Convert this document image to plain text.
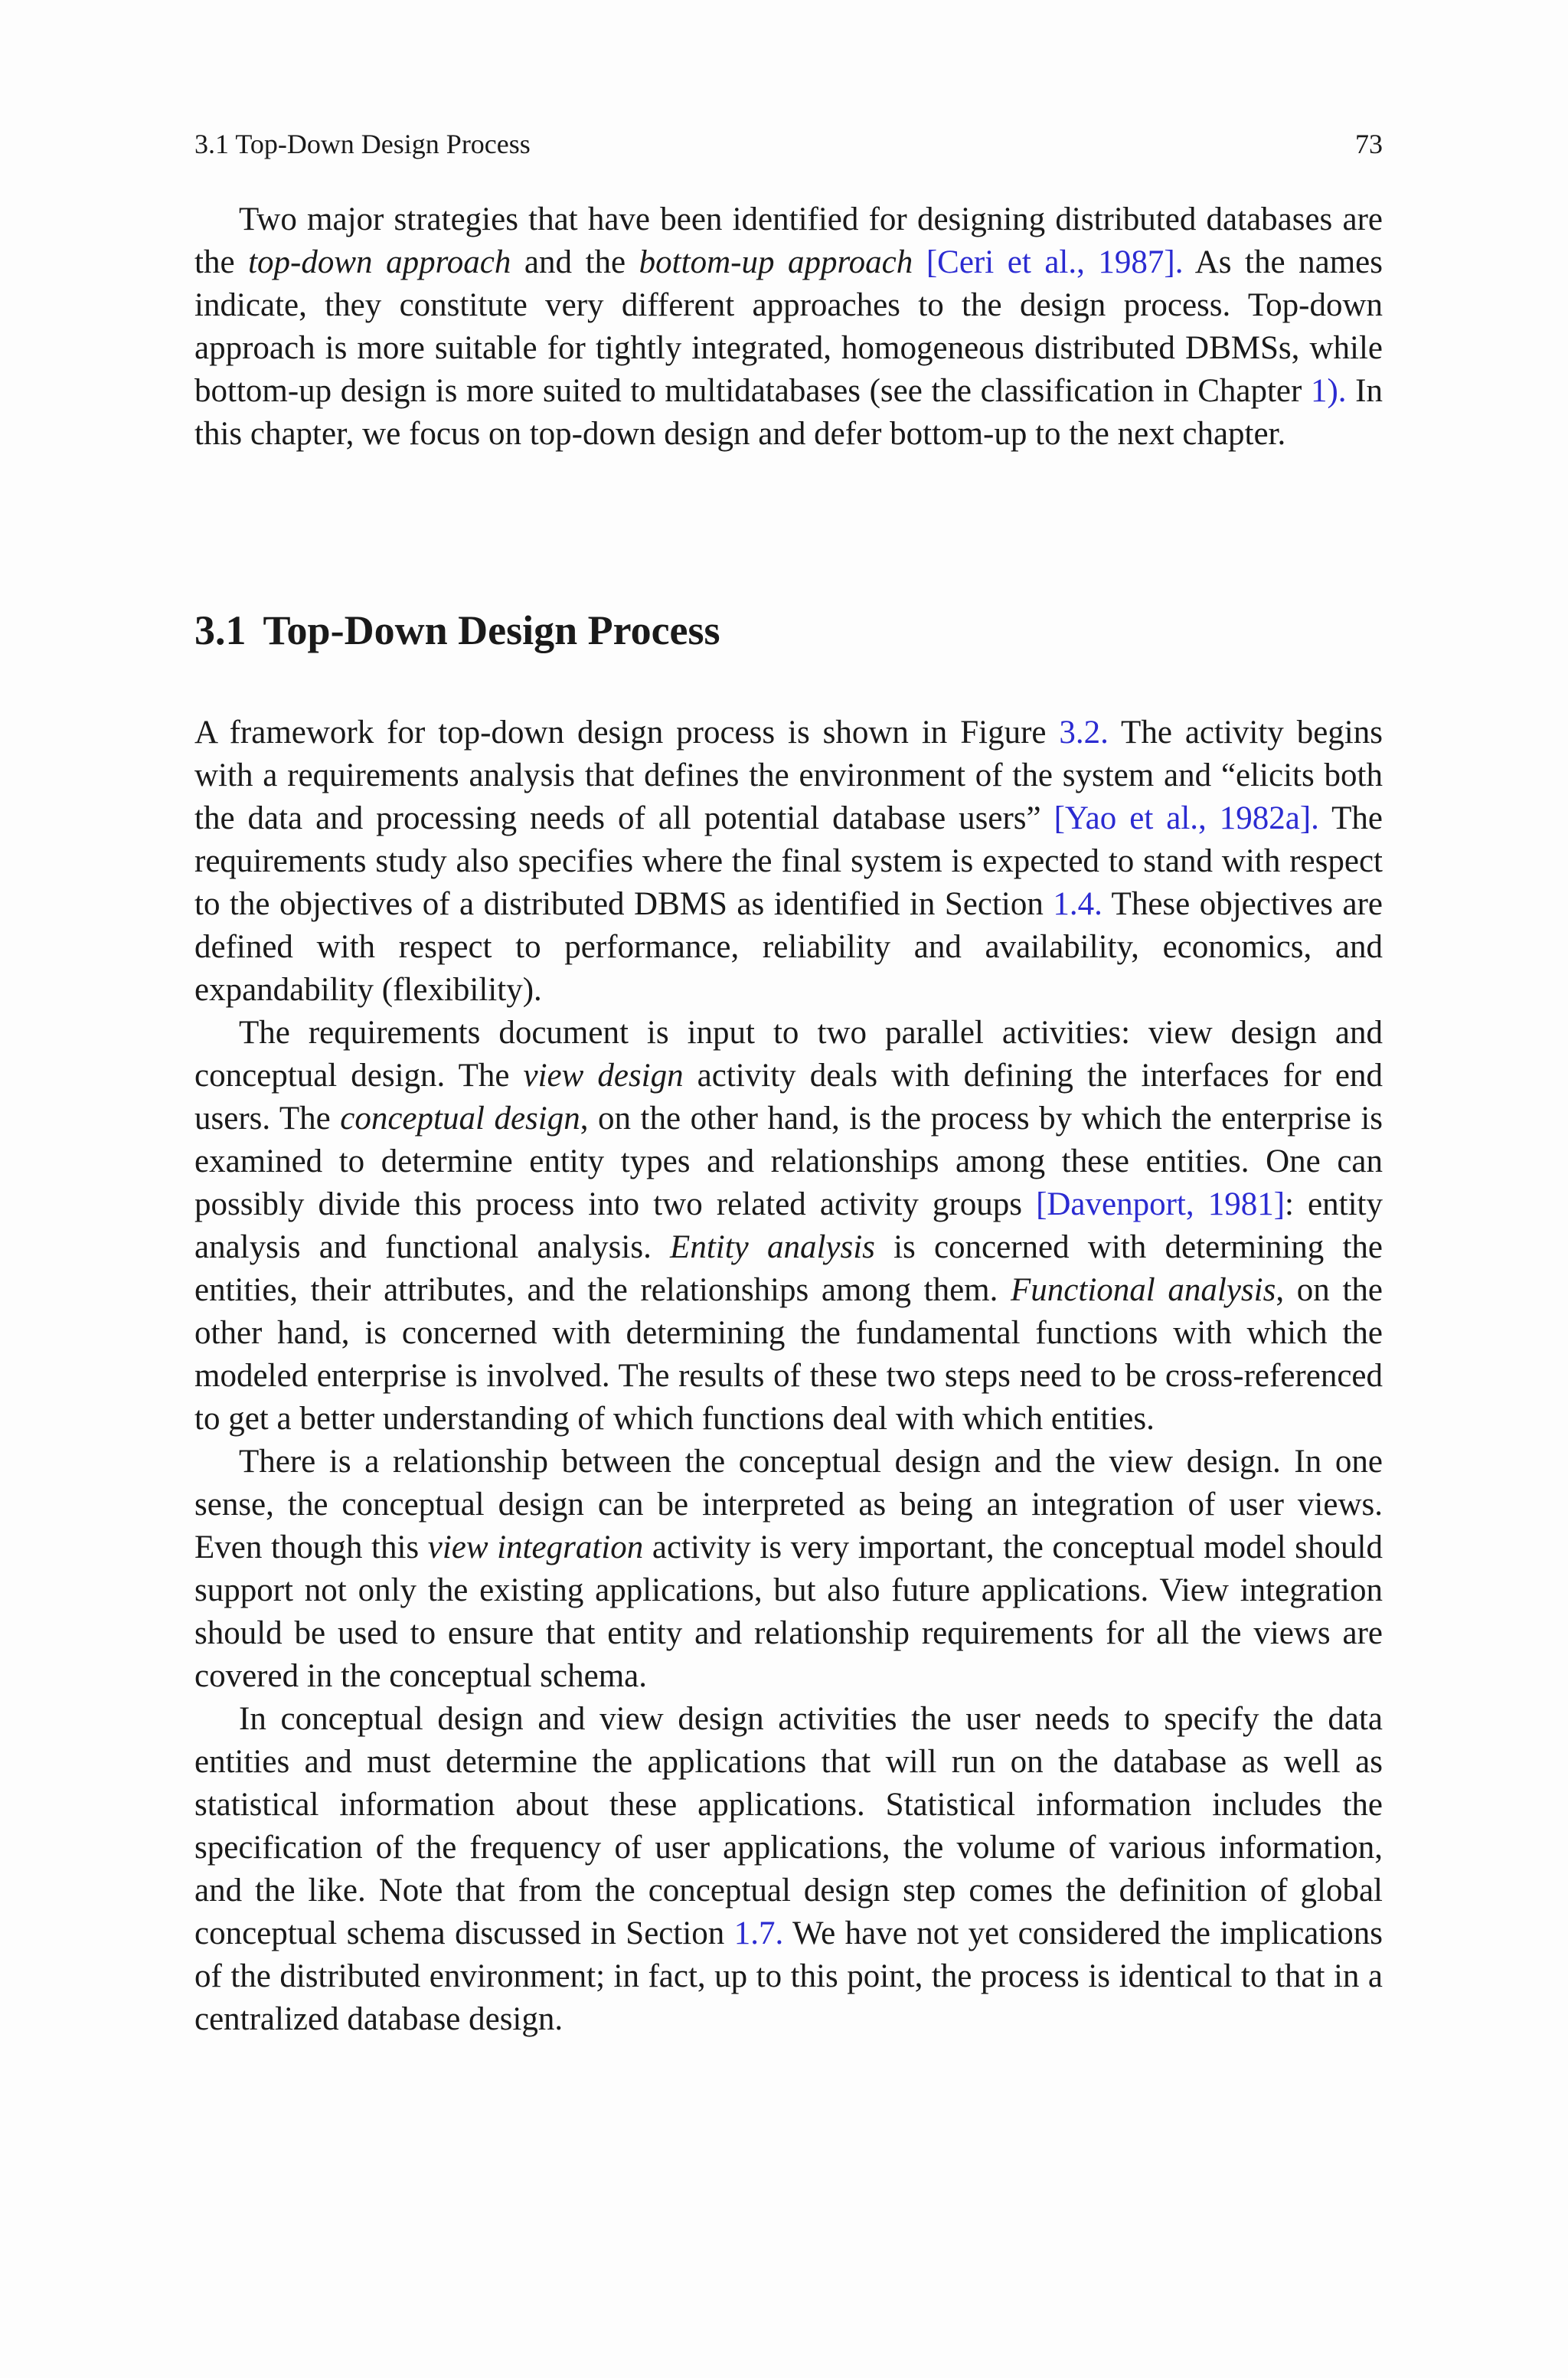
3.1 Top-Down Design Process	73

Two major strategies that have been identified for designing distributed databases are the top-down approach and the bottom-up approach [Ceri et al., 1987]. As the names indicate, they constitute very different approaches to the design process. Top-down approach is more suitable for tightly integrated, homogeneous distributed DBMSs, while bottom-up design is more suited to multidatabases (see the classification in Chapter 1). In this chapter, we focus on top-down design and defer bottom-up to the next chapter.

3.1 Top-Down Design Process

A framework for top-down design process is shown in Figure 3.2. The activity begins with a requirements analysis that defines the environment of the system and “elicits both the data and processing needs of all potential database users” [Yao et al., 1982a]. The requirements study also specifies where the final system is expected to stand with respect to the objectives of a distributed DBMS as identified in Section 1.4. These objectives are defined with respect to performance, reliability and availability, economics, and expandability (flexibility).

The requirements document is input to two parallel activities: view design and conceptual design. The view design activity deals with defining the interfaces for end users. The conceptual design, on the other hand, is the process by which the enterprise is examined to determine entity types and relationships among these entities. One can possibly divide this process into two related activity groups [Davenport, 1981]: entity analysis and functional analysis. Entity analysis is concerned with determining the entities, their attributes, and the relationships among them. Functional analysis, on the other hand, is concerned with determining the fundamental functions with which the modeled enterprise is involved. The results of these two steps need to be cross-referenced to get a better understanding of which functions deal with which entities.

There is a relationship between the conceptual design and the view design. In one sense, the conceptual design can be interpreted as being an integration of user views. Even though this view integration activity is very important, the conceptual model should support not only the existing applications, but also future applications. View integration should be used to ensure that entity and relationship requirements for all the views are covered in the conceptual schema.

In conceptual design and view design activities the user needs to specify the data entities and must determine the applications that will run on the database as well as statistical information about these applications. Statistical information includes the specification of the frequency of user applications, the volume of various information, and the like. Note that from the conceptual design step comes the definition of global conceptual schema discussed in Section 1.7. We have not yet considered the implications of the distributed environment; in fact, up to this point, the process is identical to that in a centralized database design.
